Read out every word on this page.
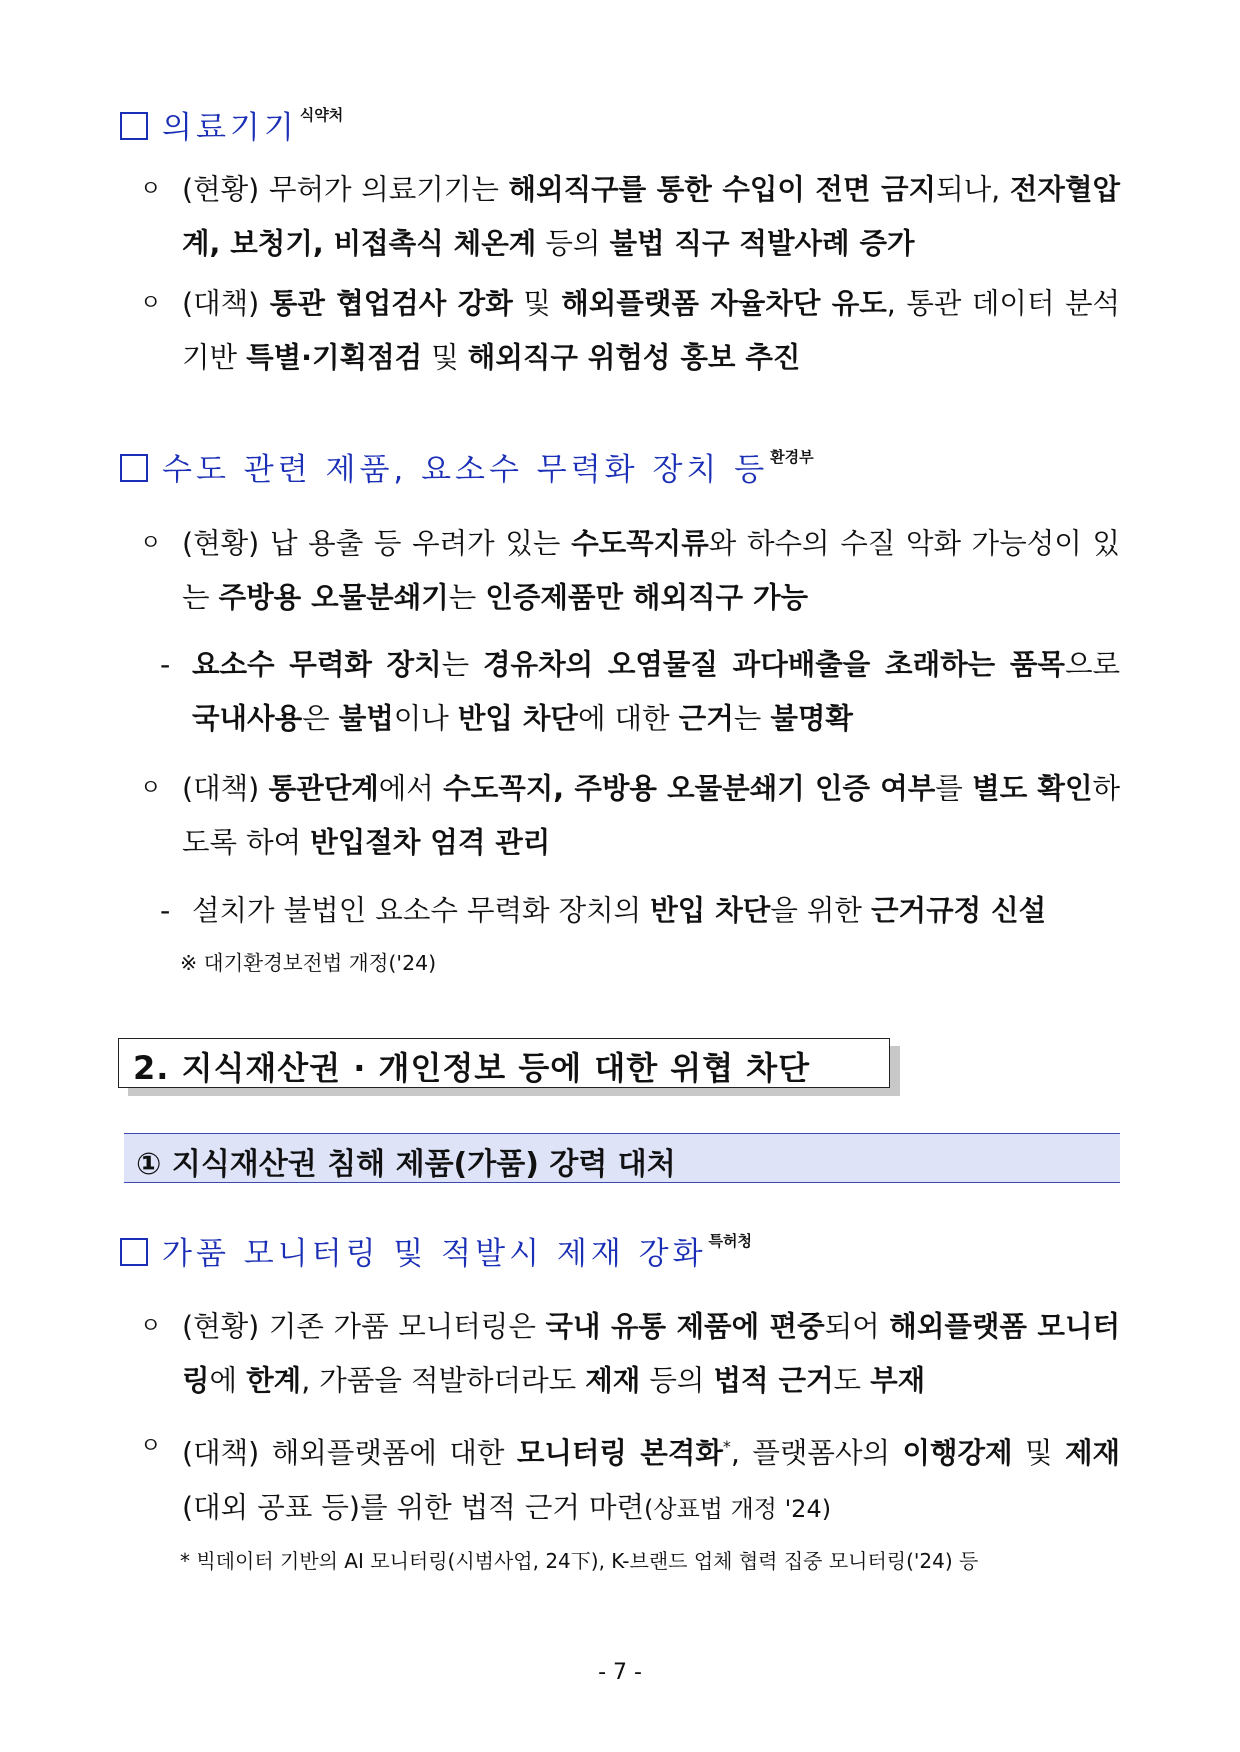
의료기기 $^{식약처}$
ㅇ (현황) 무허가 의료기기는 해외직구를 통한 수입이 전면 금지되나, 전자혈압계, 보청기, 비접촉식 체온계 등의 불법 직구 적발사례 증가
ㅇ (대책) 통관 협업검사 강화 및 해외플랫폼 자율차단 유도, 통관 데이터 분석 기반 특별·기획점검 및 해외직구 위험성 홍보 추진
수도 관련 제품, 요소수 무력화 장치 등 $^{환경부}$
ㅇ (현황) 납 용출 등 우려가 있는 수도꼭지류와 하수의 수질 악화 가능성이 있는 주방용 오물분쇄기는 인증제품만 해외직구 가능
- 요소수 무력화 장치는 경유차의 오염물질 과다배출을 초래하는 품목으로 국내사용은 불법이나 반입 차단에 대한 근거는 불명확
ㅇ (대책) 통관단계에서 수도꼭지, 주방용 오물분쇄기 인증 여부를 별도 확인하도록 하여 반입절차 엄격 관리
- 설치가 불법인 요소수 무력화 장치의 반입 차단을 위한 근거규정 신설
※ 대기환경보전법 개정('24)
2. 지식재산권 · 개인정보 등에 대한 위협 차단
① 지식재산권 침해 제품(가품) 강력 대처
가품 모니터링 및 적발시 제재 강화 $^{특허청}$
ㅇ (현황) 기존 가품 모니터링은 국내 유통 제품에 편중되어 해외플랫폼 모니터링에 한계, 가품을 적발하더라도 제재 등의 법적 근거도 부재
ㅇ (대책) 해외플랫폼에 대한 모니터링 본격화*, 플랫폼사의 이행강제 및 제재(대외 공표 등)를 위한 법적 근거 마련(상표법 개정 '24)
* 빅데이터 기반의 AI 모니터링(시범사업, 24下), K-브랜드 업체 협력 집중 모니터링('24) 등
- 7 -
